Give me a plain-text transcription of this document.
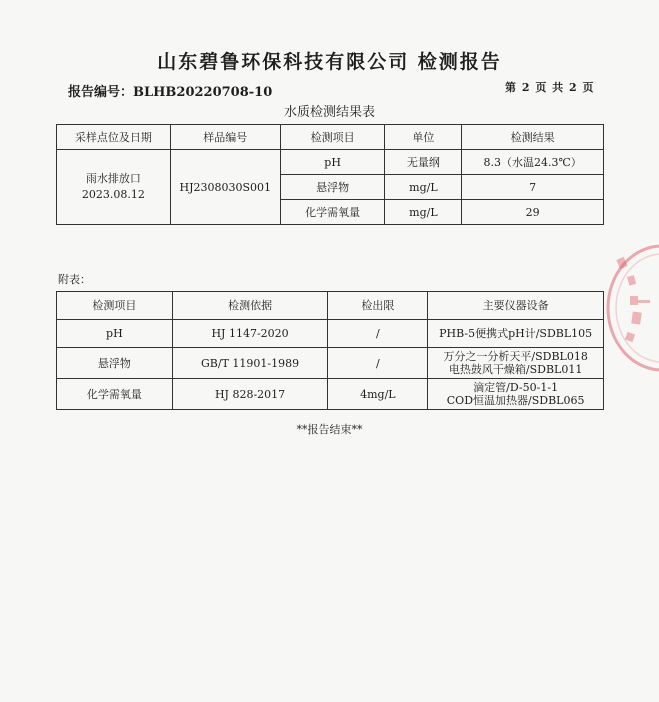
山东碧鲁环保科技有限公司 检测报告
报告编号：BLHB20220708-10	第 2 页 共 2 页
水质检测结果表
采样点位及日期	样品编号	检测项目	单位	检测结果

雨水排放口
2023.08.12	HJ2308030S001	pH	无量纲	8.3（水温24.3℃）
		悬浮物	mg/L	7
		化学需氧量	mg/L	29
附表：
检测项目	检测依据	检出限	主要仪器设备
pH	HJ 1147-2020	/	PHB-5便携式pH计/SDBL105

悬浮物	GB/T 11901-1989	/	万分之一分析天平/SDBL018
电热鼓风干燥箱/SDBL011

化学需氧量	HJ 828-2017	4mg/L	滴定管/D-50-1-1
COD恒温加热器/SDBL065
**报告结束**
